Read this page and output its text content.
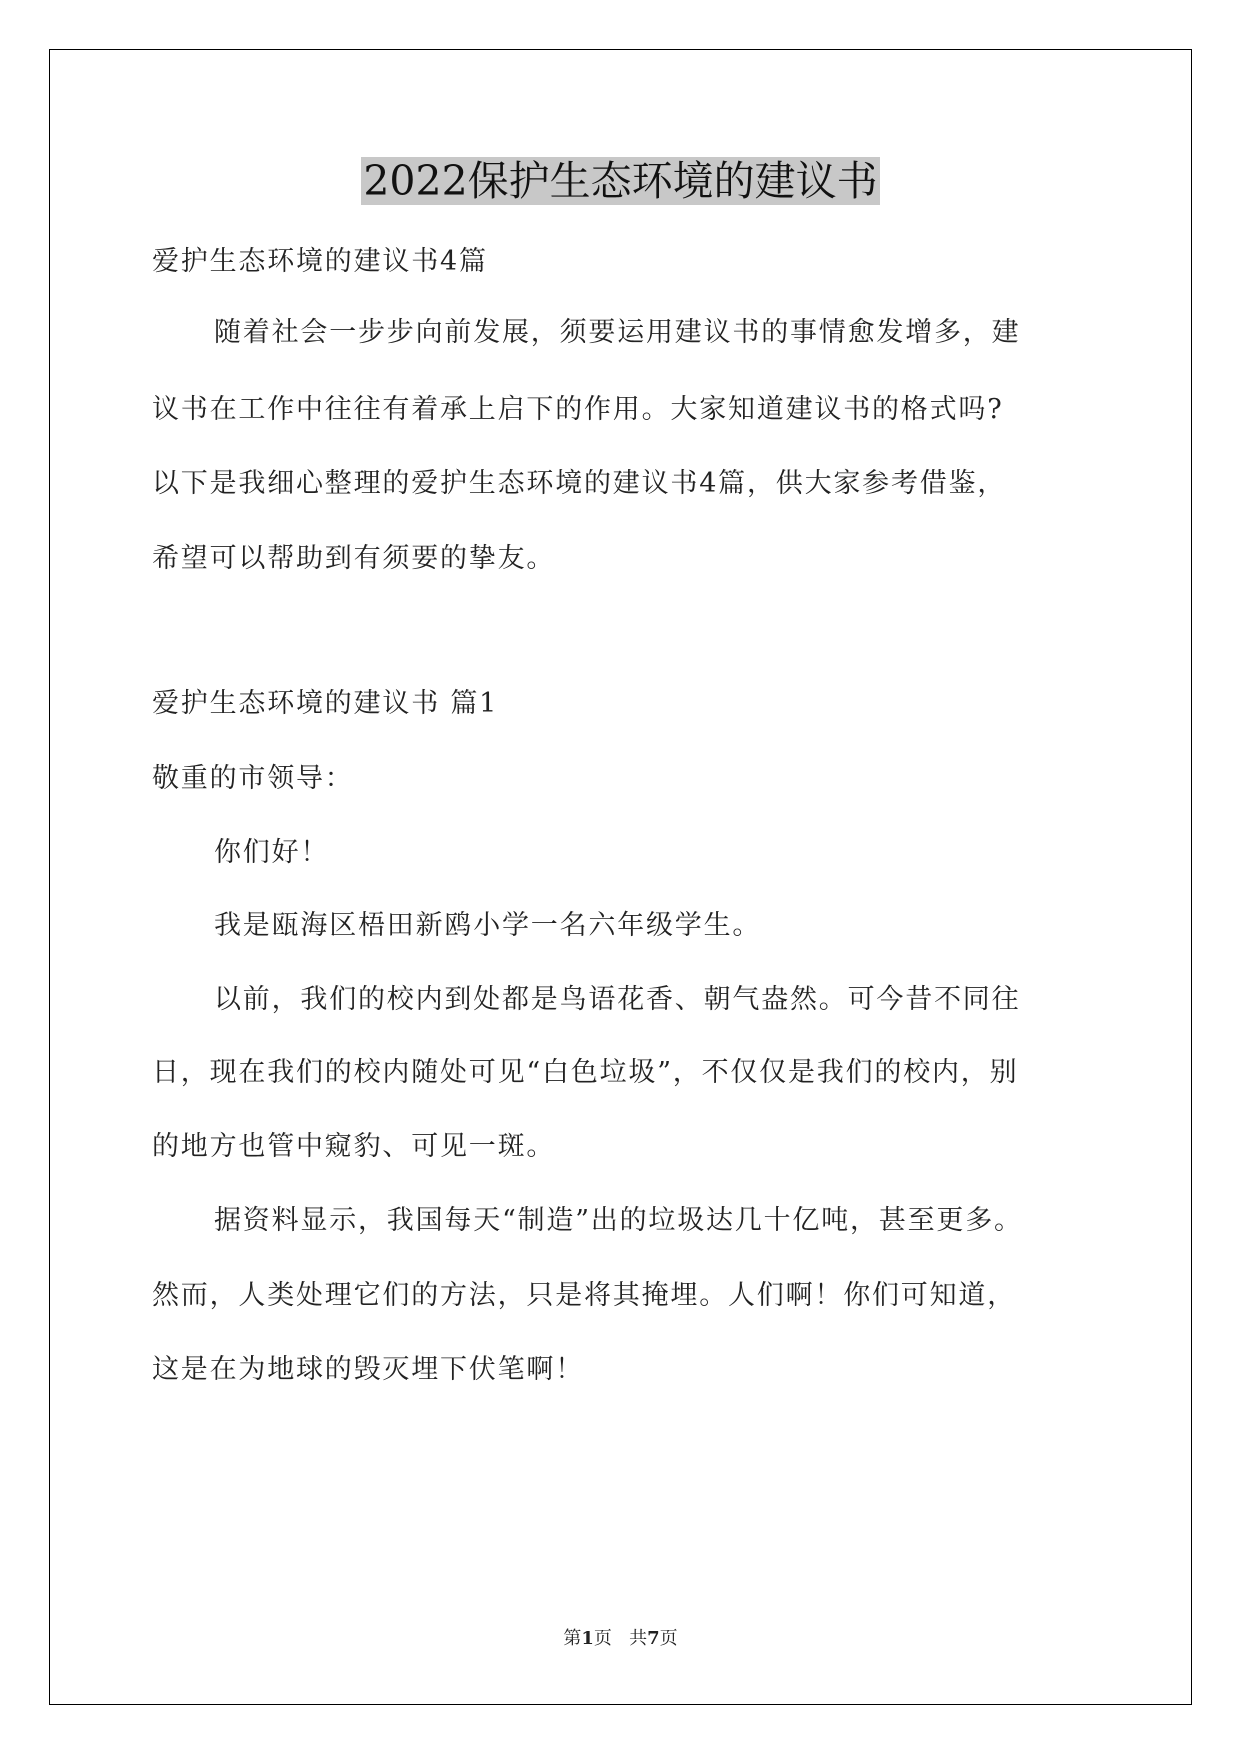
2022保护生态环境的建议书
爱护生态环境的建议书4篇
随着社会一步步向前发展，须要运用建议书的事情愈发增多，建
议书在工作中往往有着承上启下的作用。大家知道建议书的格式吗?
以下是我细心整理的爱护生态环境的建议书4篇，供大家参考借鉴，
希望可以帮助到有须要的挚友。
爱护生态环境的建议书 篇1
敬重的市领导：
你们好！
我是瓯海区梧田新鸥小学一名六年级学生。
以前，我们的校内到处都是鸟语花香、朝气盎然。可今昔不同往
日，现在我们的校内随处可见“白色垃圾”，不仅仅是我们的校内，别
的地方也管中窥豹、可见一斑。
据资料显示，我国每天“制造”出的垃圾达几十亿吨，甚至更多。
然而，人类处理它们的方法，只是将其掩埋。人们啊！你们可知道，
这是在为地球的毁灭埋下伏笔啊！
第1页 共7页
